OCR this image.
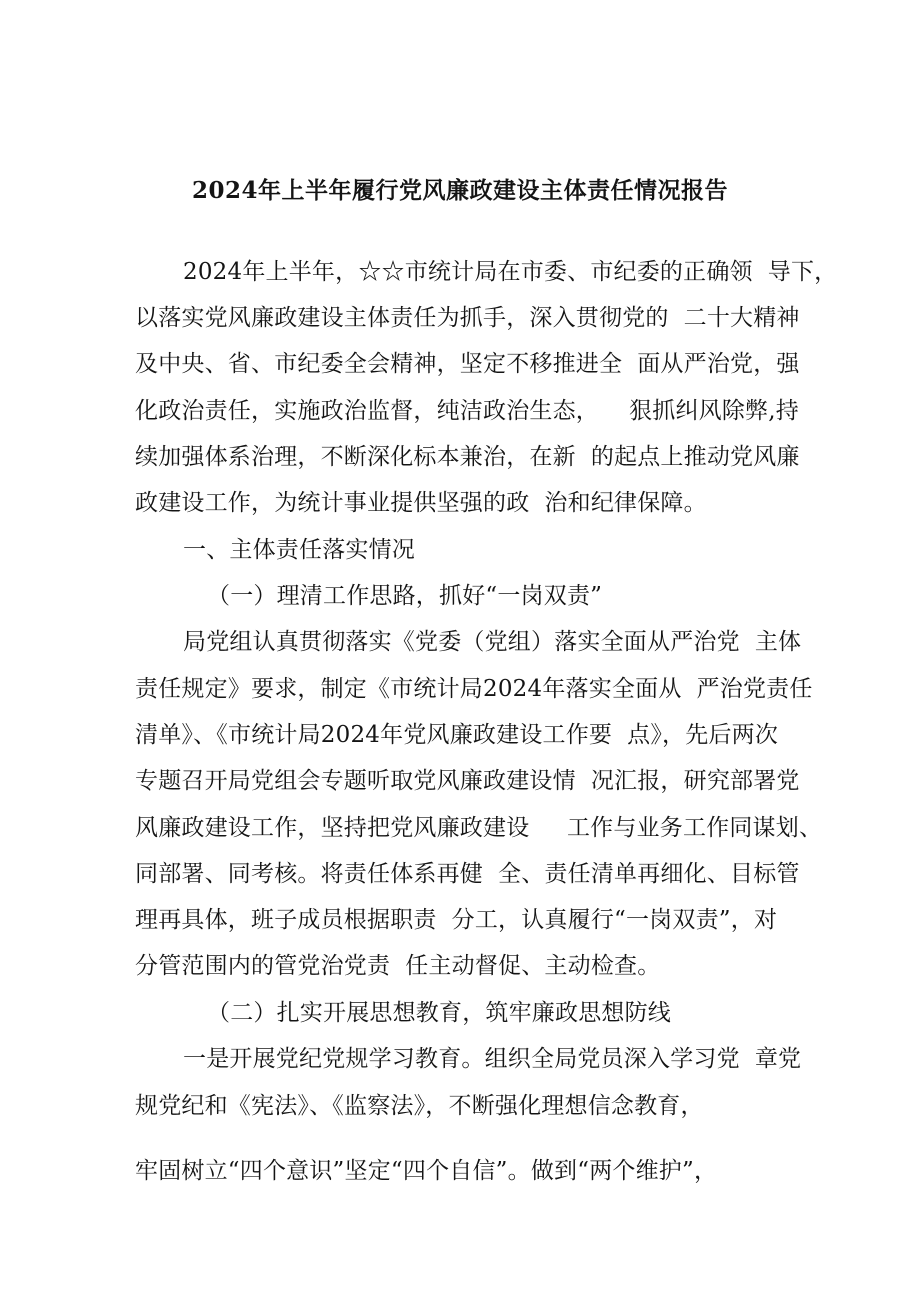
2024年上半年履行党风廉政建设主体责任情况报告
2024年上半年，☆☆市统计局在市委、市纪委的正确领  导下，
以落实党风廉政建设主体责任为抓手，深入贯彻党的  二十大精神
及中央、省、市纪委全会精神，坚定不移推进全  面从严治党，强
化政治责任，实施政治监督，纯洁政治生态，    狠抓纠风除弊,持
续加强体系治理，不断深化标本兼治，在新  的起点上推动党风廉
政建设工作，为统计事业提供坚强的政  治和纪律保障。
一、主体责任落实情况
（一）理清工作思路，抓好“一岗双责”
局党组认真贯彻落实《党委（党组）落实全面从严治党  主体
责任规定》要求，制定《市统计局2024年落实全面从  严治党责任
清单》、《市统计局2024年党风廉政建设工作要  点》，先后两次
专题召开局党组会专题听取党风廉政建设情  况汇报，研究部署党
风廉政建设工作，坚持把党风廉政建设     工作与业务工作同谋划、
同部署、同考核。将责任体系再健  全、责任清单再细化、目标管
理再具体，班子成员根据职责  分工，认真履行“一岗双责”，对
分管范围内的管党治党责  任主动督促、主动检查。
（二）扎实开展思想教育，筑牢廉政思想防线
一是开展党纪党规学习教育。组织全局党员深入学习党  章党
规党纪和《宪法》、《监察法》，不断强化理想信念教育，
牢固树立“四个意识”坚定“四个自信”。做到“两个维护”，
